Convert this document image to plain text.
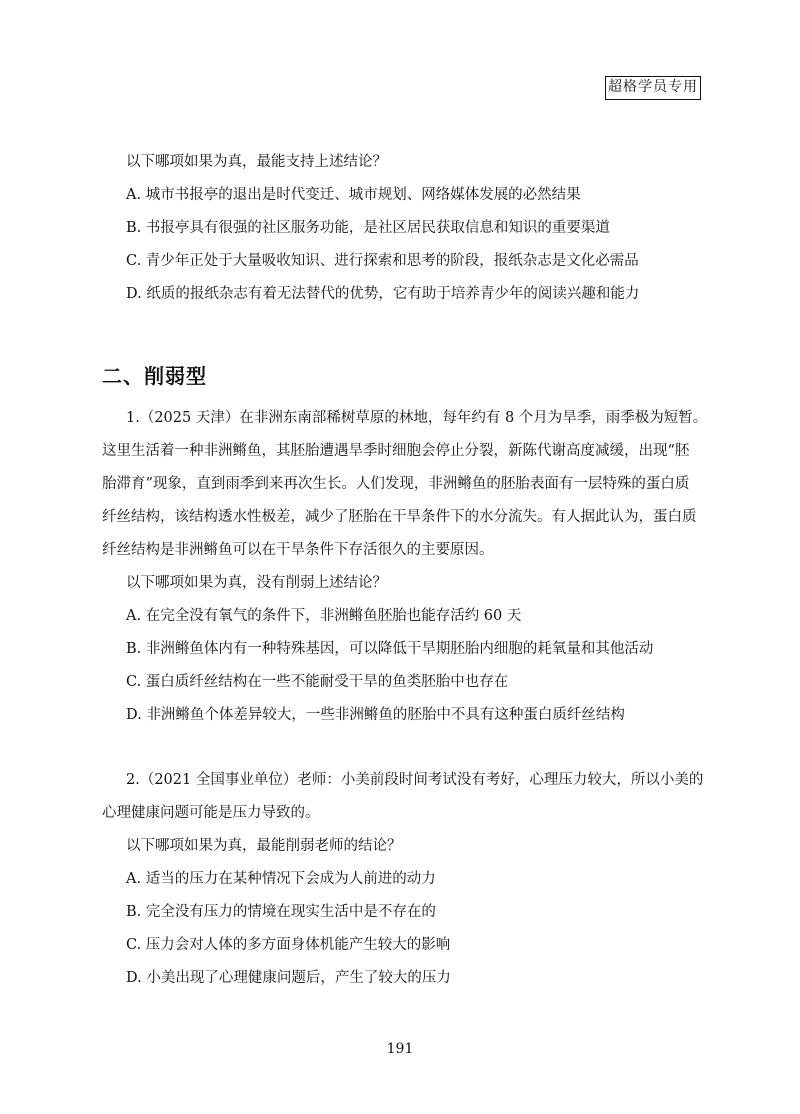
超格学员专用
以下哪项如果为真，最能支持上述结论？
A. 城市书报亭的退出是时代变迁、城市规划、网络媒体发展的必然结果
B. 书报亭具有很强的社区服务功能，是社区居民获取信息和知识的重要渠道
C. 青少年正处于大量吸收知识、进行探索和思考的阶段，报纸杂志是文化必需品
D. 纸质的报纸杂志有着无法替代的优势，它有助于培养青少年的阅读兴趣和能力
二、削弱型
1.（2025 天津）在非洲东南部稀树草原的林地，每年约有 8 个月为旱季，雨季极为短暂。
这里生活着一种非洲鳉鱼，其胚胎遭遇旱季时细胞会停止分裂，新陈代谢高度减缓，出现“胚
胎滞育”现象，直到雨季到来再次生长。人们发现，非洲鳉鱼的胚胎表面有一层特殊的蛋白质
纤丝结构，该结构透水性极差，减少了胚胎在干旱条件下的水分流失。有人据此认为，蛋白质
纤丝结构是非洲鳉鱼可以在干旱条件下存活很久的主要原因。
以下哪项如果为真，没有削弱上述结论？
A. 在完全没有氧气的条件下，非洲鳉鱼胚胎也能存活约 60 天
B. 非洲鳉鱼体内有一种特殊基因，可以降低干旱期胚胎内细胞的耗氧量和其他活动
C. 蛋白质纤丝结构在一些不能耐受干旱的鱼类胚胎中也存在
D. 非洲鳉鱼个体差异较大，一些非洲鳉鱼的胚胎中不具有这种蛋白质纤丝结构
2.（2021 全国事业单位）老师：小美前段时间考试没有考好，心理压力较大，所以小美的
心理健康问题可能是压力导致的。
以下哪项如果为真，最能削弱老师的结论？
A. 适当的压力在某种情况下会成为人前进的动力
B. 完全没有压力的情境在现实生活中是不存在的
C. 压力会对人体的多方面身体机能产生较大的影响
D. 小美出现了心理健康问题后，产生了较大的压力
191
